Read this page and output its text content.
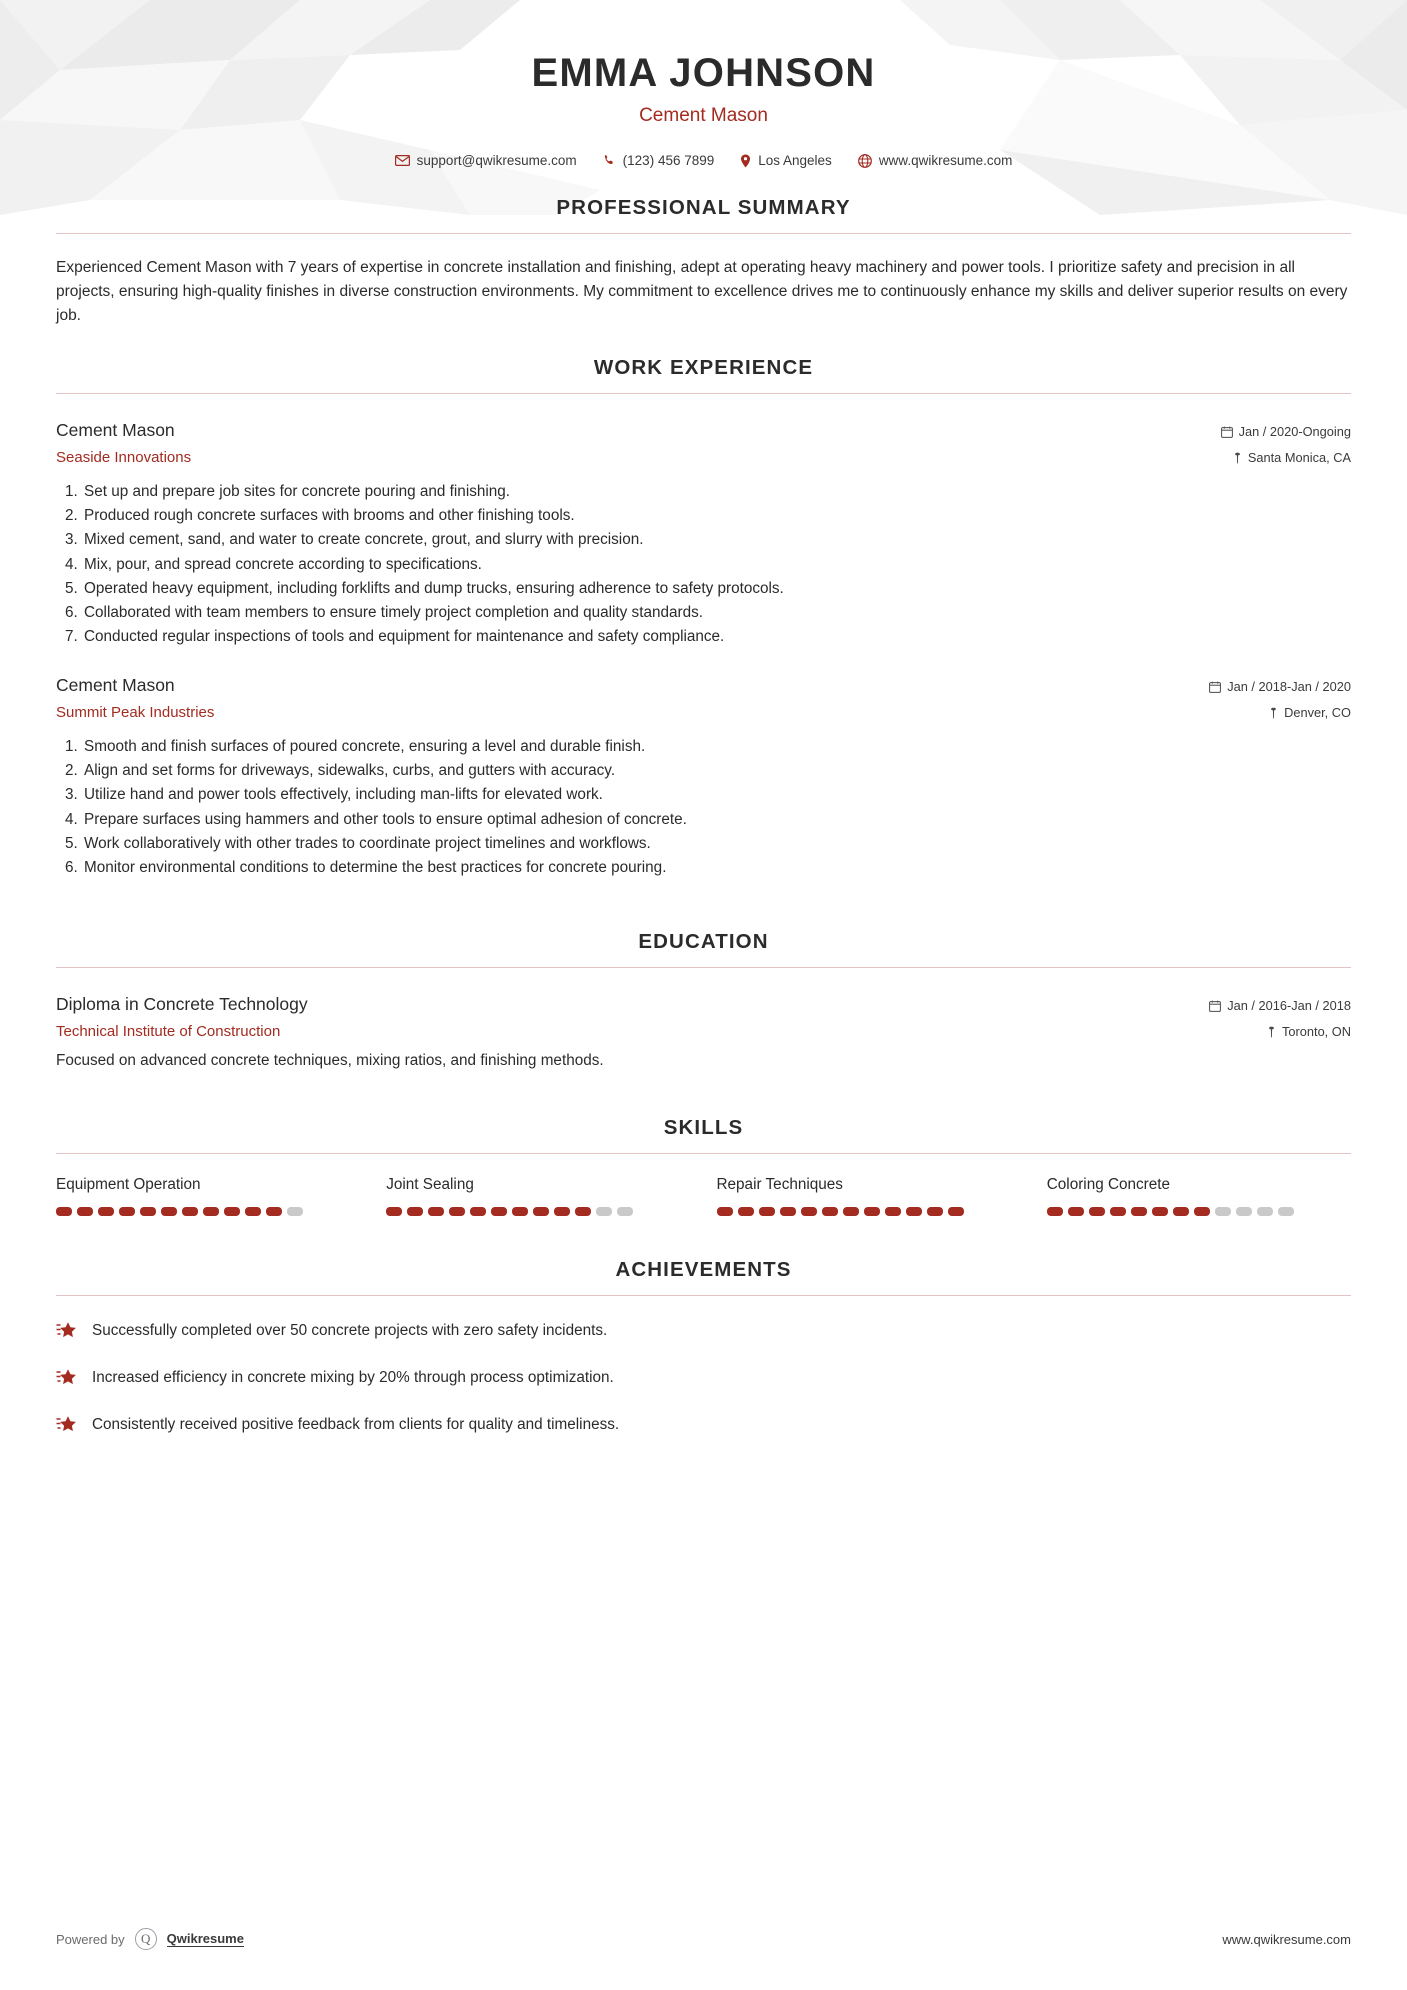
EMMA JOHNSON
Cement Mason
support@qwikresume.com	(123) 456 7899	Los Angeles	www.qwikresume.com
PROFESSIONAL SUMMARY
Experienced Cement Mason with 7 years of expertise in concrete installation and finishing, adept at operating heavy machinery and power tools. I prioritize safety and precision in all projects, ensuring high-quality finishes in diverse construction environments. My commitment to excellence drives me to continuously enhance my skills and deliver superior results on every job.
WORK EXPERIENCE
Cement Mason
Seaside Innovations
Jan / 2020-Ongoing
Santa Monica, CA
1. Set up and prepare job sites for concrete pouring and finishing.
2. Produced rough concrete surfaces with brooms and other finishing tools.
3. Mixed cement, sand, and water to create concrete, grout, and slurry with precision.
4. Mix, pour, and spread concrete according to specifications.
5. Operated heavy equipment, including forklifts and dump trucks, ensuring adherence to safety protocols.
6. Collaborated with team members to ensure timely project completion and quality standards.
7. Conducted regular inspections of tools and equipment for maintenance and safety compliance.
Cement Mason
Summit Peak Industries
Jan / 2018-Jan / 2020
Denver, CO
1. Smooth and finish surfaces of poured concrete, ensuring a level and durable finish.
2. Align and set forms for driveways, sidewalks, curbs, and gutters with accuracy.
3. Utilize hand and power tools effectively, including man-lifts for elevated work.
4. Prepare surfaces using hammers and other tools to ensure optimal adhesion of concrete.
5. Work collaboratively with other trades to coordinate project timelines and workflows.
6. Monitor environmental conditions to determine the best practices for concrete pouring.
EDUCATION
Diploma in Concrete Technology
Technical Institute of Construction
Jan / 2016-Jan / 2018
Toronto, ON
Focused on advanced concrete techniques, mixing ratios, and finishing methods.
SKILLS
Equipment Operation	Joint Sealing	Repair Techniques	Coloring Concrete
ACHIEVEMENTS
Successfully completed over 50 concrete projects with zero safety incidents.
Increased efficiency in concrete mixing by 20% through process optimization.
Consistently received positive feedback from clients for quality and timeliness.
Powered by	Q	Qwikresume	www.qwikresume.com
